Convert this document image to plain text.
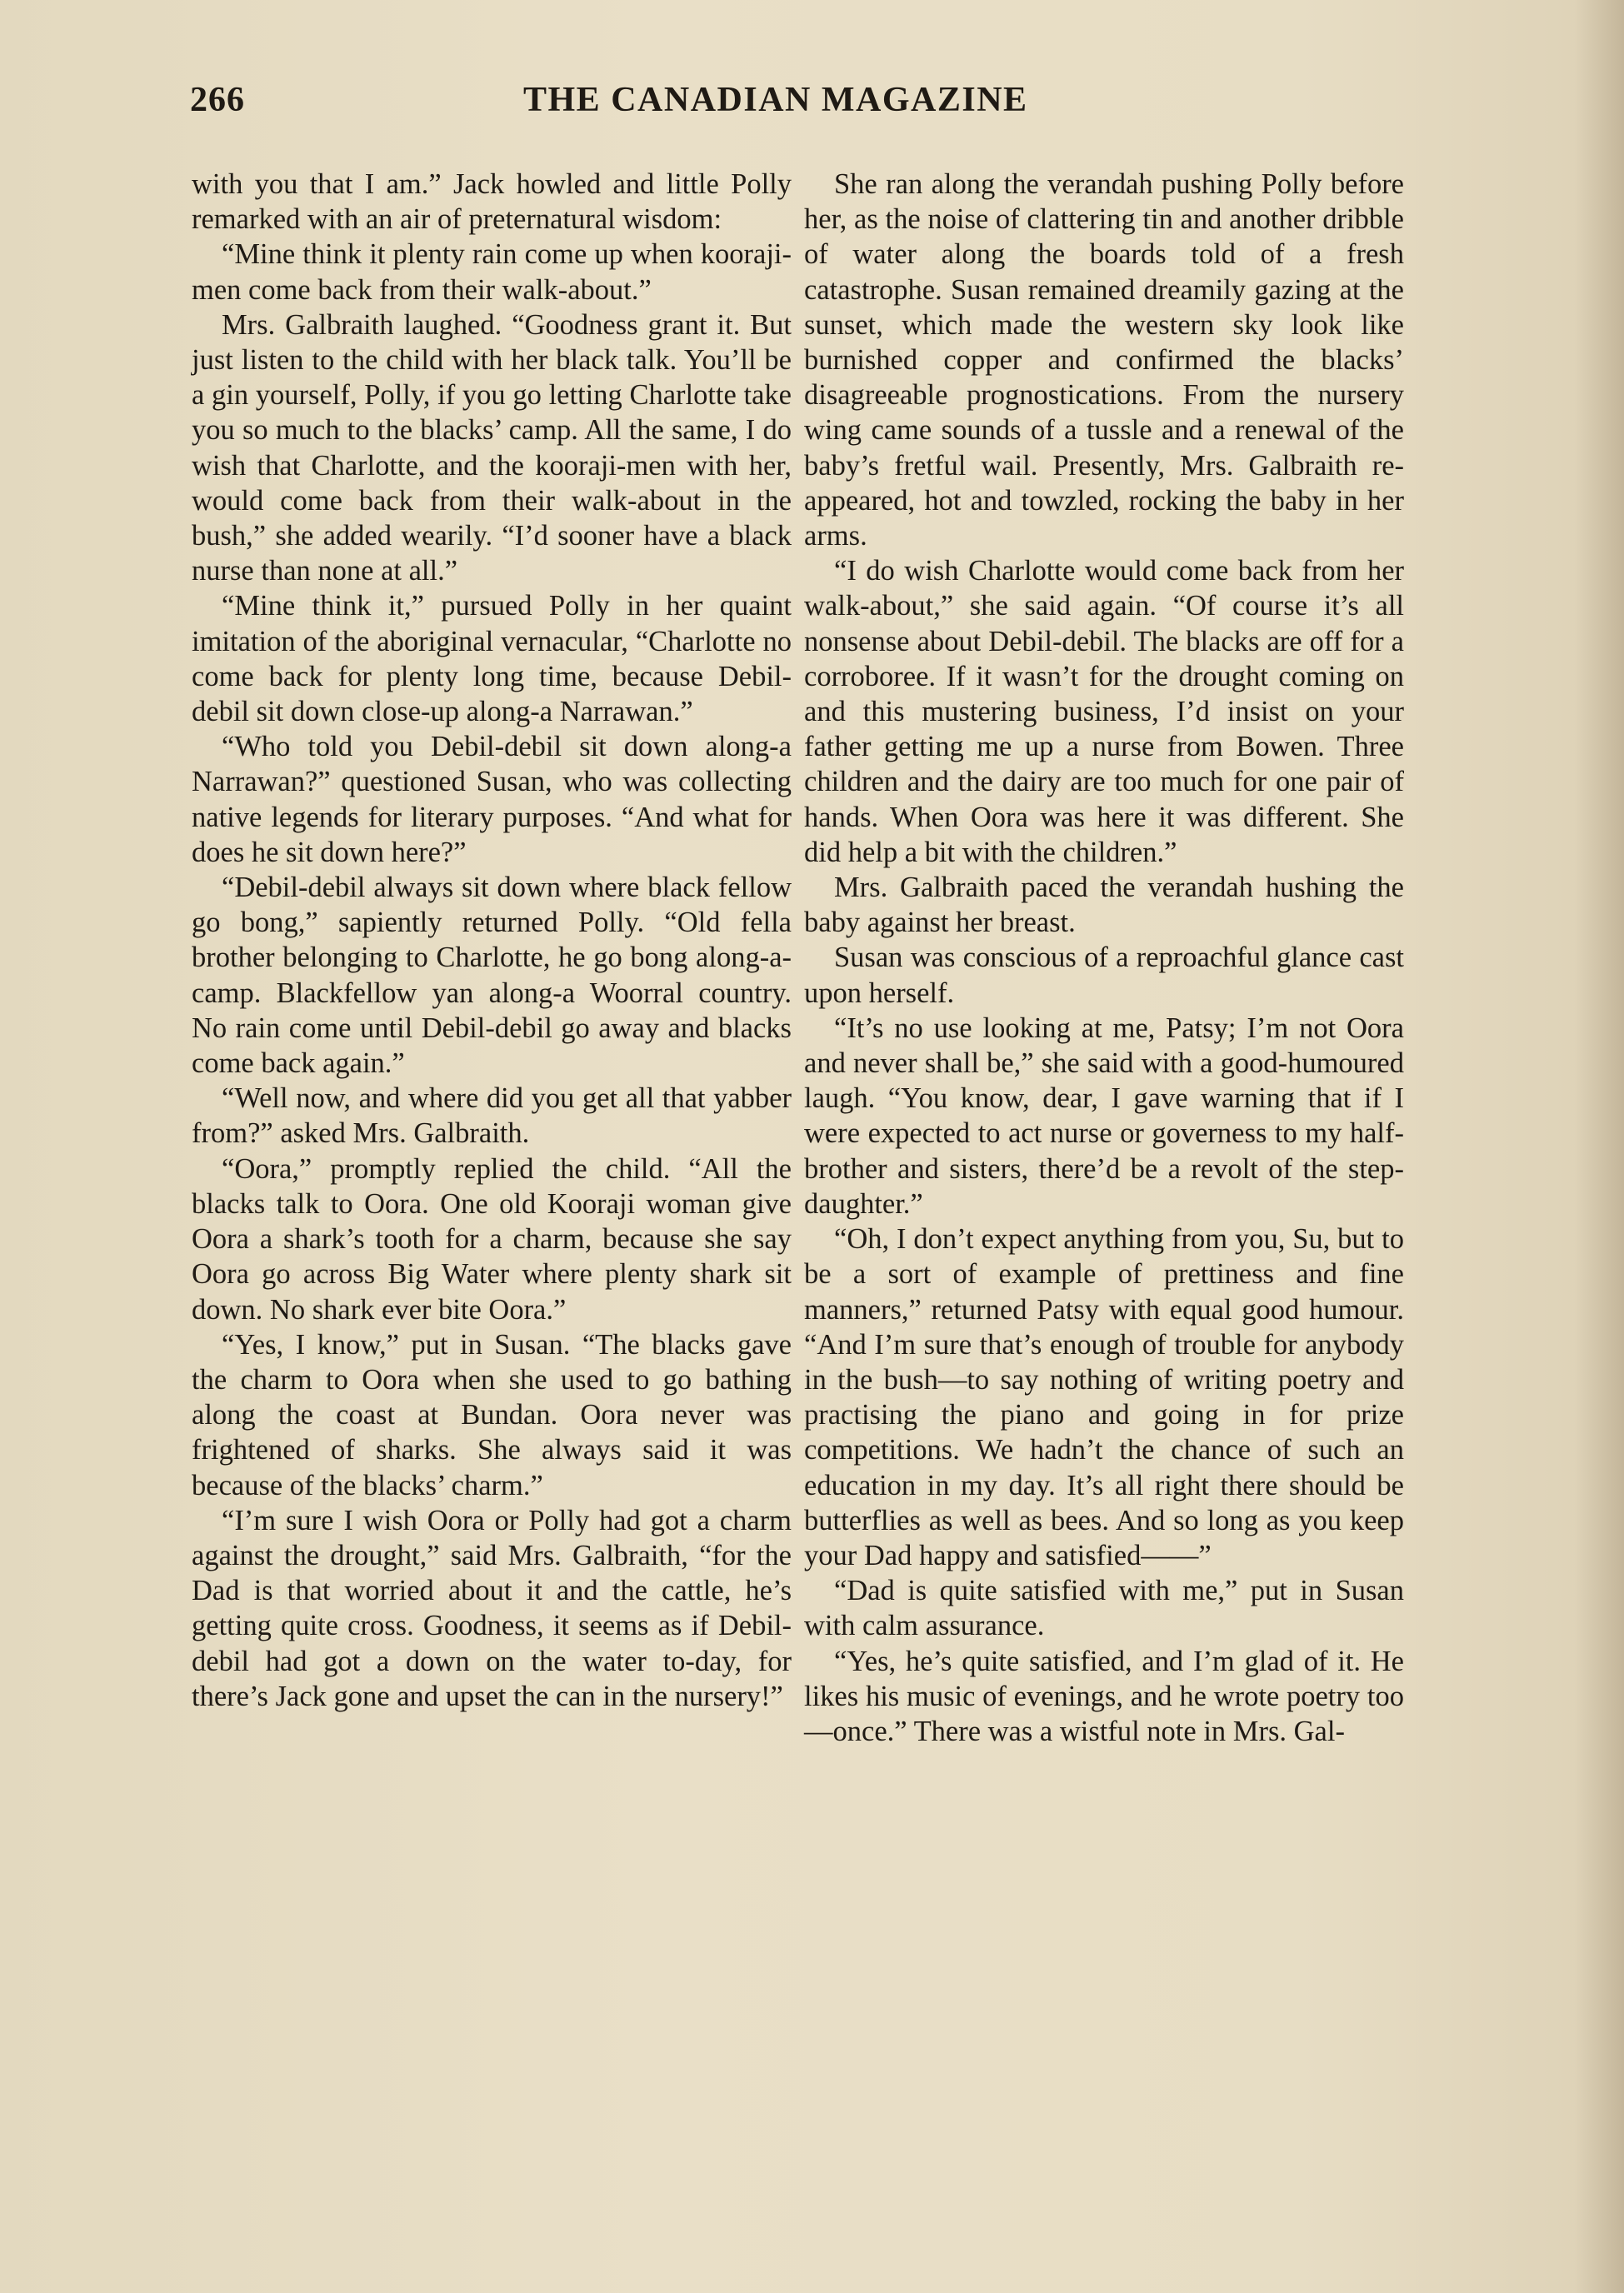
266	THE CANADIAN MAGAZINE

with you that I am.” Jack howled and little Polly remarked with an air of preternatural wisdom:

“Mine think it plenty rain come up when kooraji-men come back from their walk-about.”

Mrs. Galbraith laughed. “Goodness grant it. But just listen to the child with her black talk. You’ll be a gin yourself, Polly, if you go letting Charlotte take you so much to the blacks’ camp. All the same, I do wish that Charlotte, and the kooraji-men with her, would come back from their walk-about in the bush,” she added wearily. “I’d sooner have a black nurse than none at all.”

“Mine think it,” pursued Polly in her quaint imitation of the aboriginal vernacular, “Charlotte no come back for plenty long time, because Debil-debil sit down close-up along-a Narrawan.”

“Who told you Debil-debil sit down along-a Narrawan?” questioned Susan, who was collecting native legends for literary purposes. “And what for does he sit down here?”

“Debil-debil always sit down where black fellow go bong,” sapiently returned Polly. “Old fella brother belonging to Charlotte, he go bong along-a-camp. Blackfellow yan along-a Woorral country. No rain come until Debil-debil go away and blacks come back again.”

“Well now, and where did you get all that yabber from?” asked Mrs. Galbraith.

“Oora,” promptly replied the child. “All the blacks talk to Oora. One old Kooraji woman give Oora a shark’s tooth for a charm, because she say Oora go across Big Water where plenty shark sit down. No shark ever bite Oora.”

“Yes, I know,” put in Susan. “The blacks gave the charm to Oora when she used to go bathing along the coast at Bundan. Oora never was frightened of sharks. She always said it was because of the blacks’ charm.”

“I’m sure I wish Oora or Polly had got a charm against the drought,” said Mrs. Galbraith, “for the Dad is that worried about it and the cattle, he’s getting quite cross. Goodness, it seems as if Debil-debil had got a down on the water to-day, for there’s Jack gone and upset the can in the nursery!”

She ran along the verandah pushing Polly before her, as the noise of clattering tin and another dribble of water along the boards told of a fresh catastrophe. Susan remained dreamily gazing at the sunset, which made the western sky look like burnished copper and confirmed the blacks’ disagreeable prognostications. From the nursery wing came sounds of a tussle and a renewal of the baby’s fretful wail. Presently, Mrs. Galbraith re-appeared, hot and towzled, rocking the baby in her arms.

“I do wish Charlotte would come back from her walk-about,” she said again. “Of course it’s all nonsense about Debil-debil. The blacks are off for a corroboree. If it wasn’t for the drought coming on and this mustering business, I’d insist on your father getting me up a nurse from Bowen. Three children and the dairy are too much for one pair of hands. When Oora was here it was different. She did help a bit with the children.”

Mrs. Galbraith paced the verandah hushing the baby against her breast.

Susan was conscious of a reproachful glance cast upon herself.

“It’s no use looking at me, Patsy; I’m not Oora and never shall be,” she said with a good-humoured laugh. “You know, dear, I gave warning that if I were expected to act nurse or governess to my half-brother and sisters, there’d be a revolt of the step-daughter.”

“Oh, I don’t expect anything from you, Su, but to be a sort of example of prettiness and fine manners,” returned Patsy with equal good humour. “And I’m sure that’s enough of trouble for anybody in the bush—to say nothing of writing poetry and practising the piano and going in for prize competitions. We hadn’t the chance of such an education in my day. It’s all right there should be butterflies as well as bees. And so long as you keep your Dad happy and satisfied——”

“Dad is quite satisfied with me,” put in Susan with calm assurance.

“Yes, he’s quite satisfied, and I’m glad of it. He likes his music of evenings, and he wrote poetry too—once.” There was a wistful note in Mrs. Gal-
